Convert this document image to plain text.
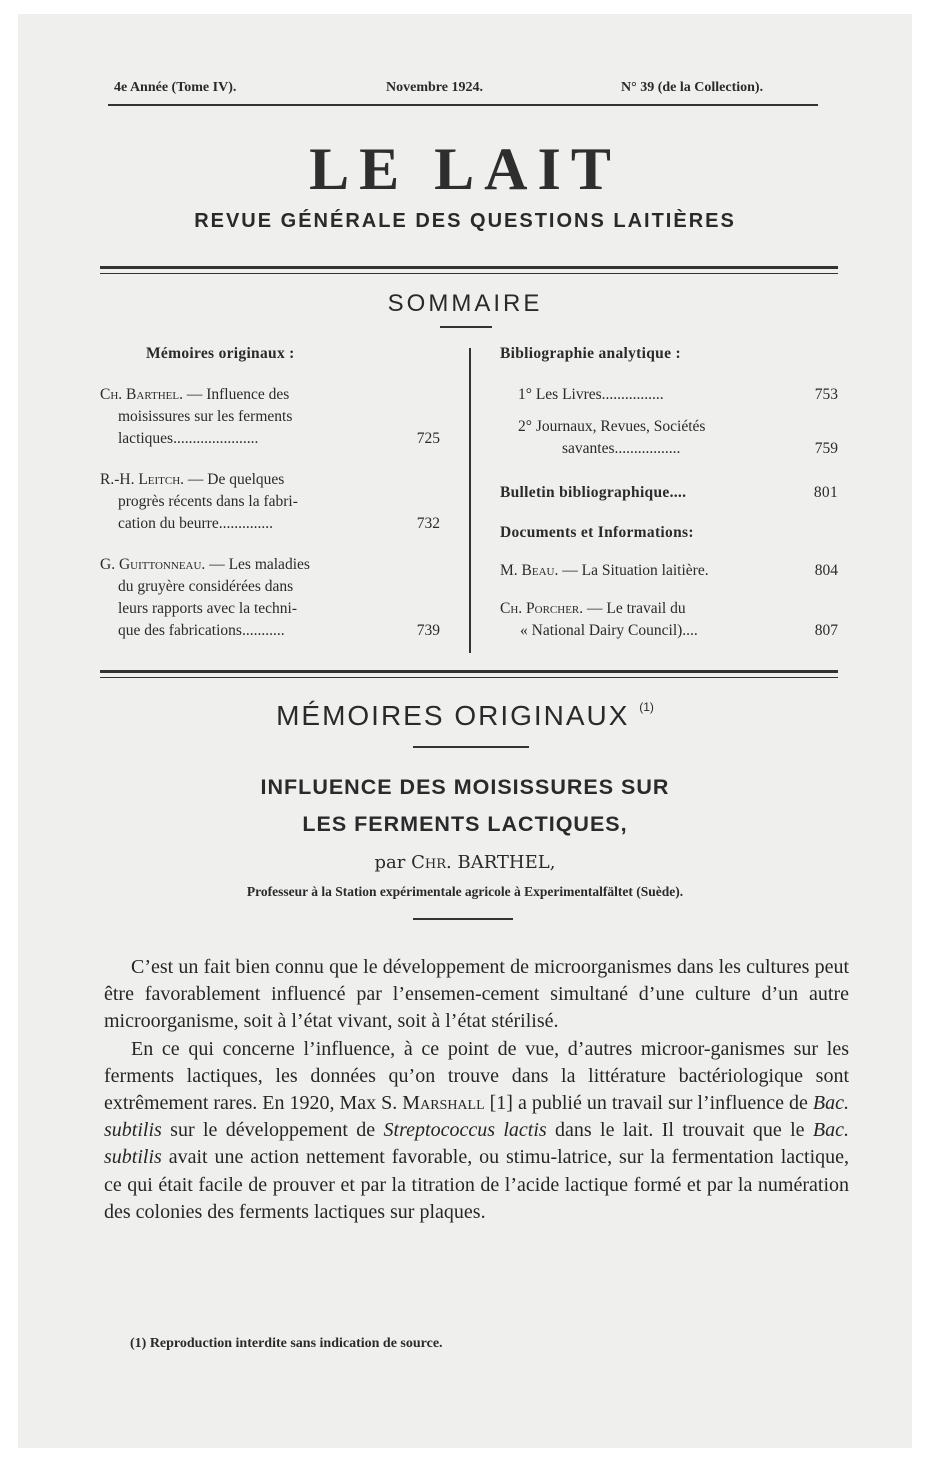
4e Année (Tome IV).	Novembre 1924.	N° 39 (de la Collection).
LE LAIT
REVUE GÉNÉRALE DES QUESTIONS LAITIÈRES
SOMMAIRE
Mémoires originaux :
Ch. Barthel. — Influence des
moisissures sur les ferments
lactiques......................	725
R.-H. Leitch. — De quelques
progrès récents dans la fabri-
cation du beurre..............	732
G. Guittonneau. — Les maladies
du gruyère considérées dans
leurs rapports avec la techni-
que des fabrications...........	739
Bibliographie analytique :
1° Les Livres................	753
2° Journaux, Revues, Sociétés
savantes.................	759
Bulletin bibliographique....	801
Documents et Informations:
M. Beau. — La Situation laitière.	804
Ch. Porcher. — Le travail du
« National Dairy Council)....	807
MÉMOIRES ORIGINAUX $^{(1)}$
INFLUENCE DES MOISISSURES SUR
LES FERMENTS LACTIQUES,
par Chr. BARTHEL,
Professeur à la Station expérimentale agricole à Experimentalfältet (Suède).

C’est un fait bien connu que le développement de microorganismes dans les cultures peut être favorablement influencé par l’ensemen-cement simultané d’une culture d’un autre microorganisme, soit à l’état vivant, soit à l’état stérilisé.

En ce qui concerne l’influence, à ce point de vue, d’autres microor-ganismes sur les ferments lactiques, les données qu’on trouve dans la littérature bactériologique sont extrêmement rares. En 1920, Max S. Marshall [1] a publié un travail sur l’influence de Bac. subtilis sur le développement de Streptococcus lactis dans le lait. Il trouvait que le Bac. subtilis avait une action nettement favorable, ou stimu-latrice, sur la fermentation lactique, ce qui était facile de prouver et par la titration de l’acide lactique formé et par la numération des colonies des ferments lactiques sur plaques.

(1) Reproduction interdite sans indication de source.
